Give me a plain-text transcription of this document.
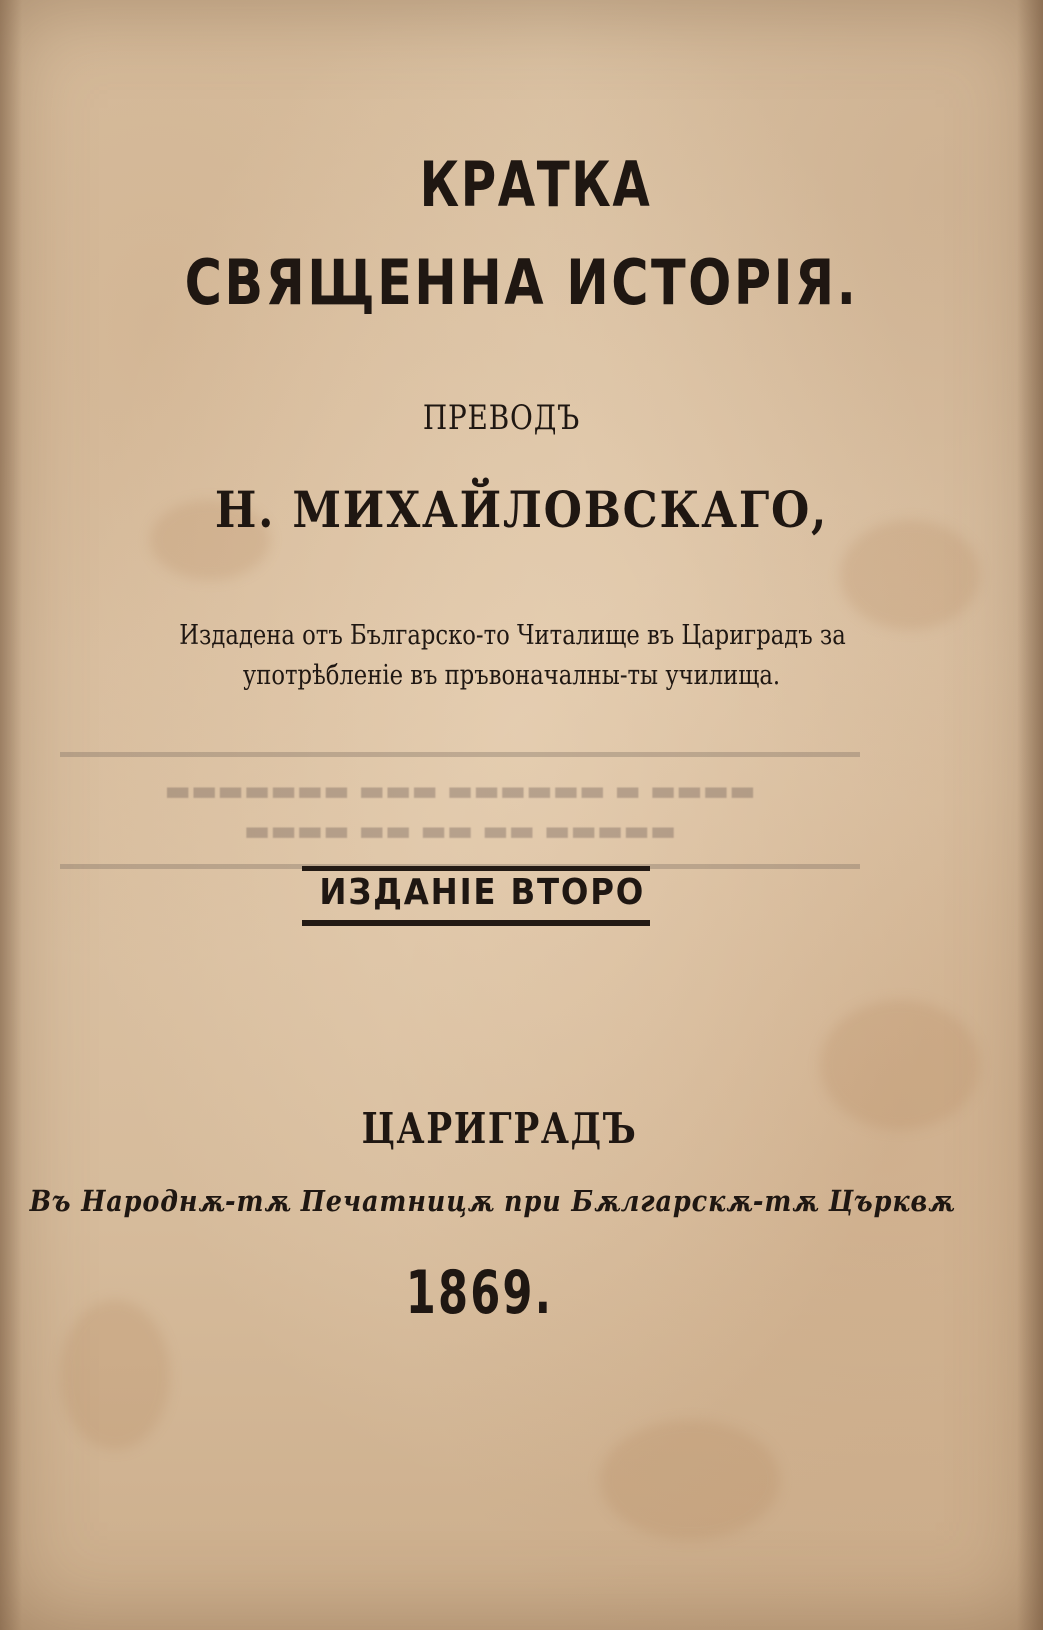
КРАТКА
СВЯЩЕННА ИСТОРІЯ.
ПРЕВОДЪ
Н. МИХАЙЛОВСКАГО,
Издадена отъ Българско-то Читалище въ Цариградъ за
употрѣбленіе въ пръвоначалны-ты училища.
▬▬▬▬ ▬ ▬▬▬▬▬▬ ▬▬▬ ▬▬▬▬▬▬▬
▬▬▬▬▬ ▬▬ ▬▬ ▬▬ ▬▬▬▬
ИЗДАНІЕ ВТОРО
ЦАРИГРАДЪ
Въ Народнѫ-тѫ Печатницѫ при Бѫлгарскѫ-тѫ Църквѫ
1869.
